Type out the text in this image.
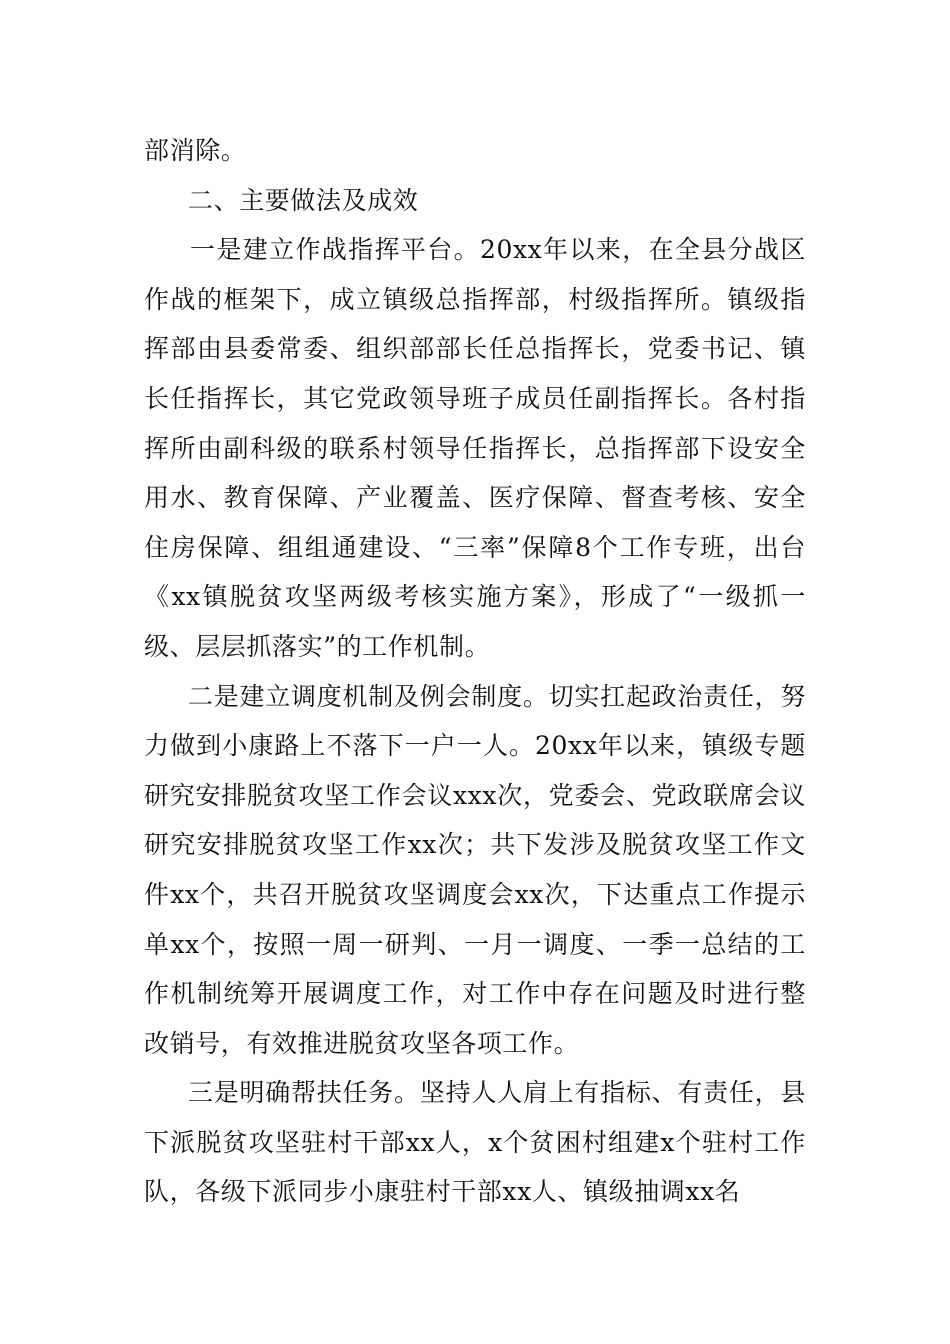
部消除。

二、主要做法及成效

一是建立作战指挥平台。20xx年以来，在全县分战区作战的框架下，成立镇级总指挥部，村级指挥所。镇级指挥部由县委常委、组织部部长任总指挥长，党委书记、镇长任指挥长，其它党政领导班子成员任副指挥长。各村指挥所由副科级的联系村领导任指挥长，总指挥部下设安全用水、教育保障、产业覆盖、医疗保障、督查考核、安全住房保障、组组通建设、“三率”保障8个工作专班，出台《xx镇脱贫攻坚两级考核实施方案》，形成了“一级抓一级、层层抓落实”的工作机制。

二是建立调度机制及例会制度。切实扛起政治责任，努力做到小康路上不落下一户一人。20xx年以来，镇级专题研究安排脱贫攻坚工作会议xxx次，党委会、党政联席会议研究安排脱贫攻坚工作xx次；共下发涉及脱贫攻坚工作文件xx个，共召开脱贫攻坚调度会xx次，下达重点工作提示单xx个，按照一周一研判、一月一调度、一季一总结的工作机制统筹开展调度工作，对工作中存在问题及时进行整改销号，有效推进脱贫攻坚各项工作。

三是明确帮扶任务。坚持人人肩上有指标、有责任，县下派脱贫攻坚驻村干部xx人，x个贫困村组建x个驻村工作队，各级下派同步小康驻村干部xx人、镇级抽调xx名
